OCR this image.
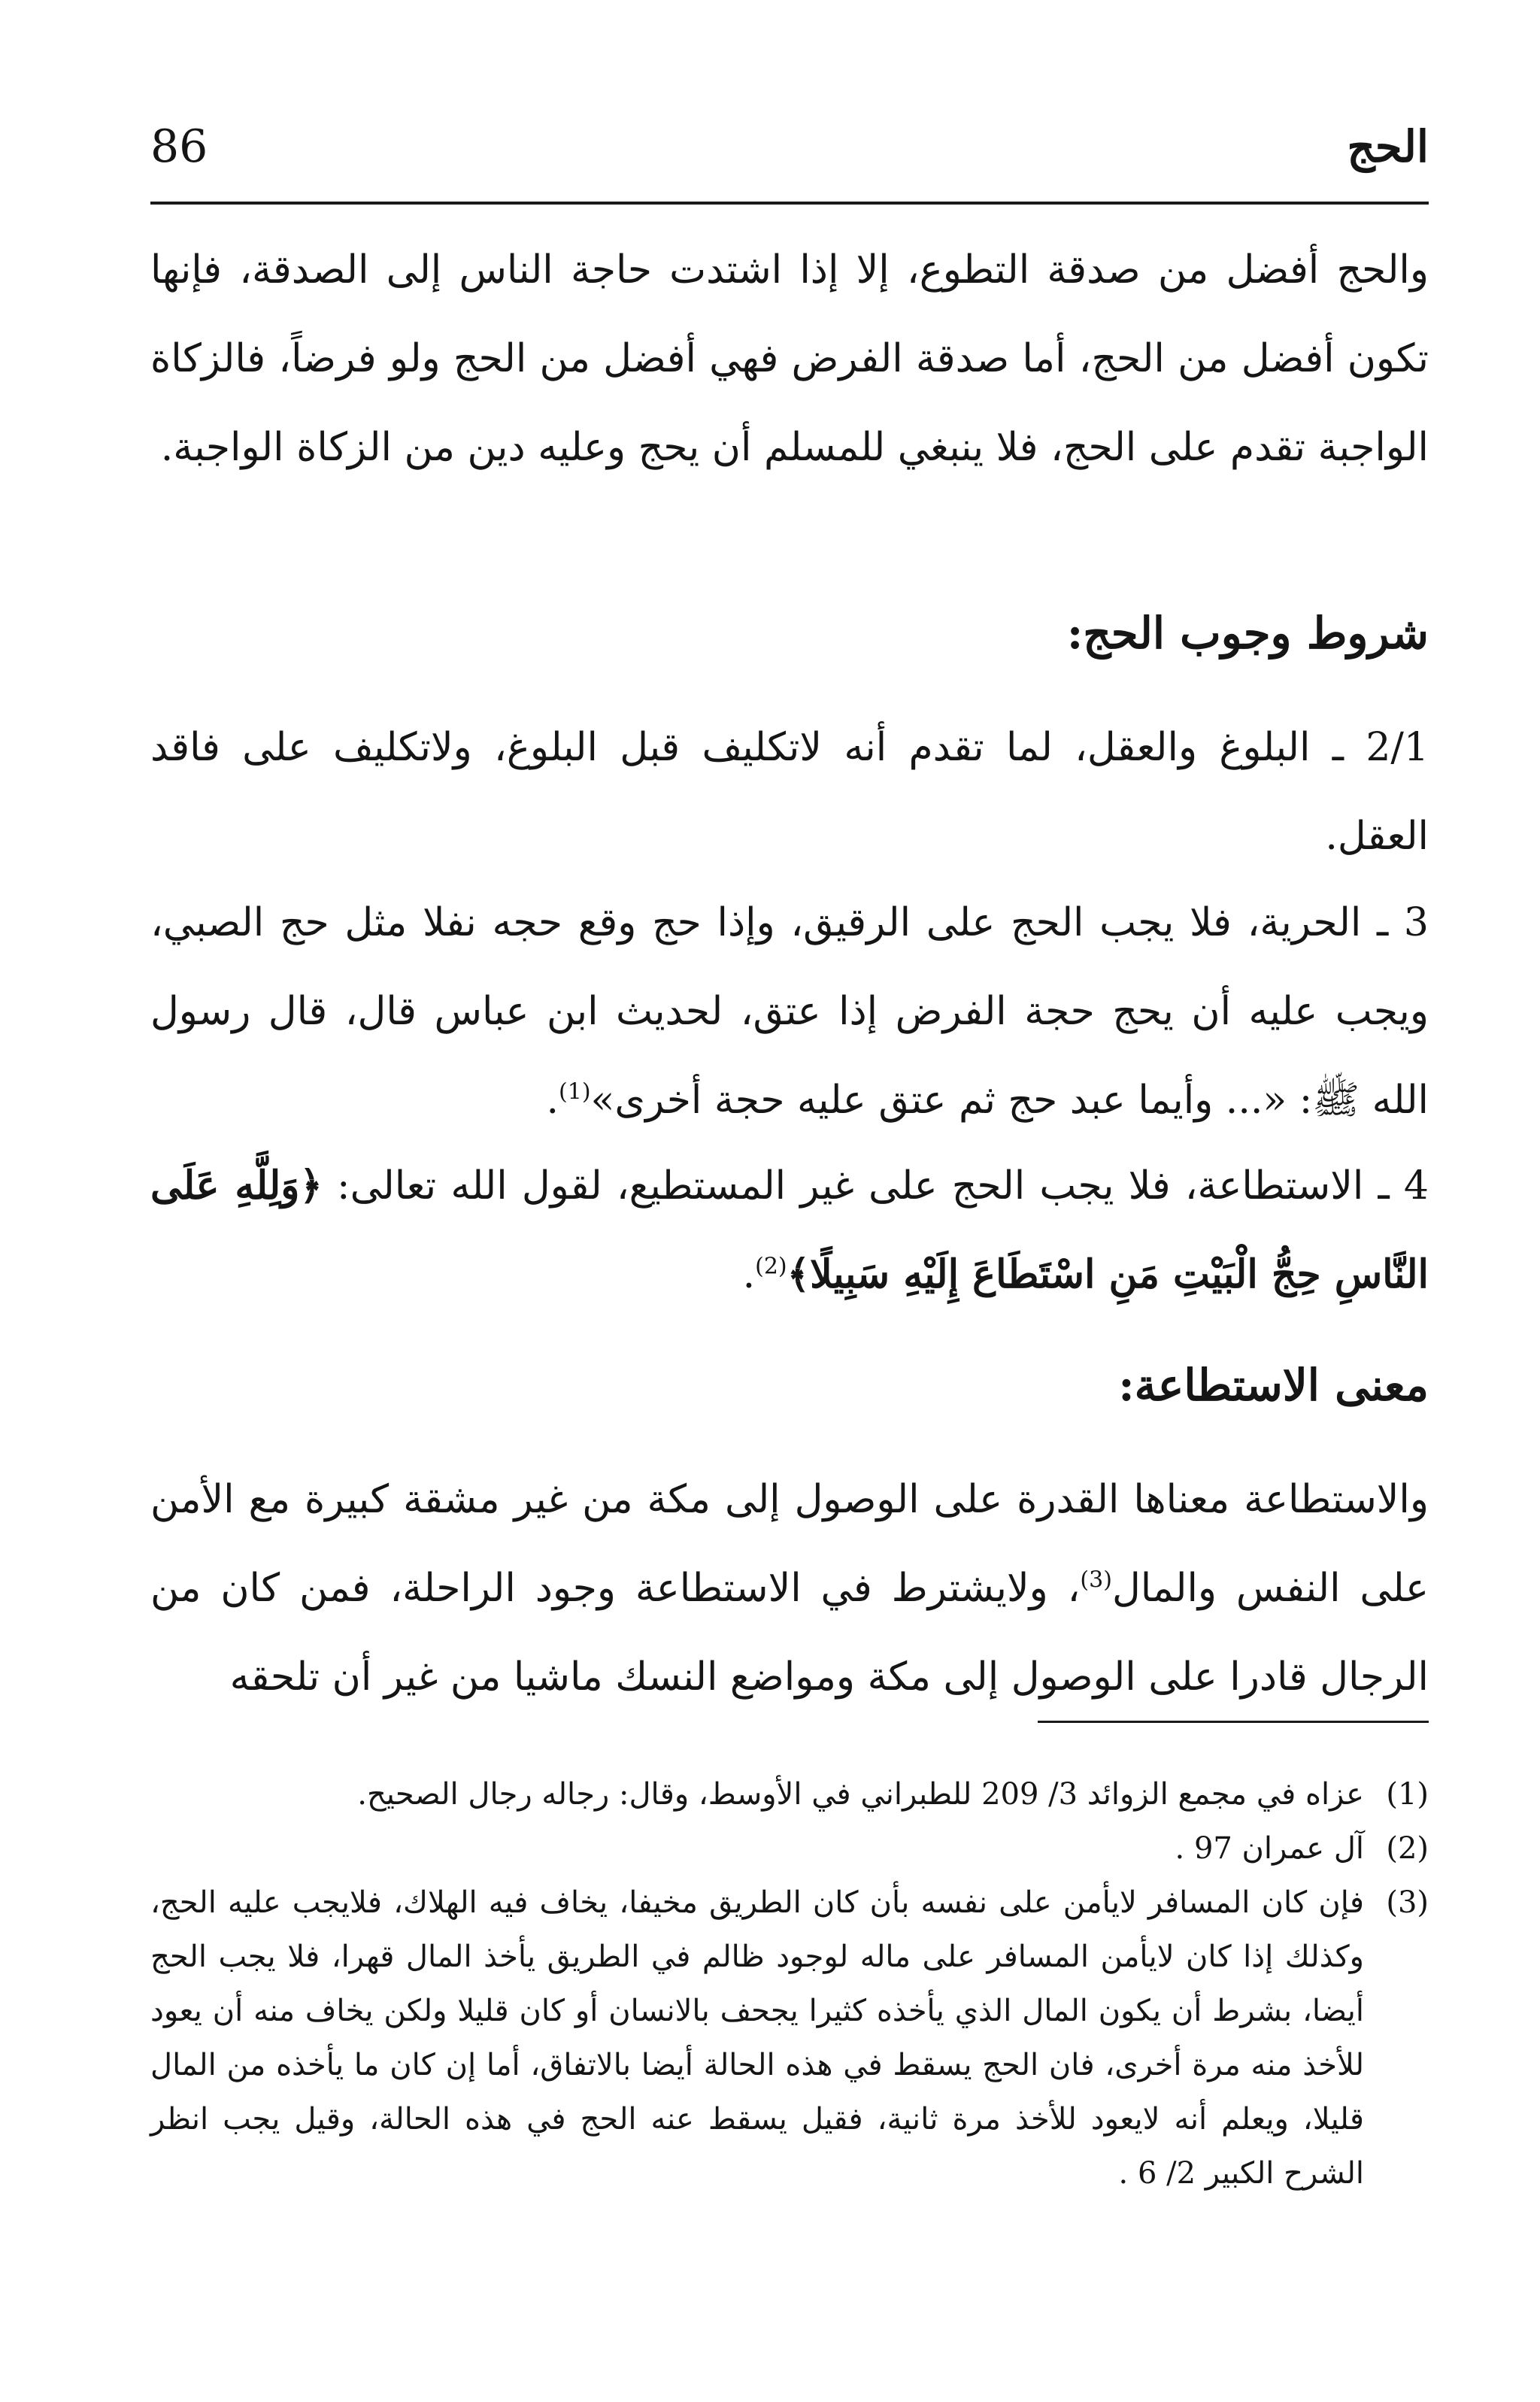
86	الحج

والحج أفضل من صدقة التطوع، إلا إذا اشتدت حاجة الناس إلى الصدقة، فإنها تكون أفضل من الحج، أما صدقة الفرض فهي أفضل من الحج ولو فرضاً، فالزكاة الواجبة تقدم على الحج، فلا ينبغي للمسلم أن يحج وعليه دين من الزكاة الواجبة.

شروط وجوب الحج:

2/1 ـ البلوغ والعقل، لما تقدم أنه لاتكليف قبل البلوغ، ولاتكليف على فاقد العقل.

3 ـ الحرية، فلا يجب الحج على الرقيق، وإذا حج وقع حجه نفلا مثل حج الصبي، ويجب عليه أن يحج حجة الفرض إذا عتق، لحديث ابن عباس قال، قال رسول الله ﷺ: «... وأيما عبد حج ثم عتق عليه حجة أخرى»$^{(1)}$.

4 ـ الاستطاعة، فلا يجب الحج على غير المستطيع، لقول الله تعالى: ﴿وَلِلَّهِ عَلَى النَّاسِ حِجُّ الْبَيْتِ مَنِ اسْتَطَاعَ إِلَيْهِ سَبِيلًا﴾$^{(2)}$.

معنى الاستطاعة:

والاستطاعة معناها القدرة على الوصول إلى مكة من غير مشقة كبيرة مع الأمن على النفس والمال$^{(3)}$، ولايشترط في الاستطاعة وجود الراحلة، فمن كان من الرجال قادرا على الوصول إلى مكة ومواضع النسك ماشيا من غير أن تلحقه

(1)
عزاه في مجمع الزوائد 3/ 209 للطبراني في الأوسط، وقال: رجاله رجال الصحيح.

(2)
آل عمران 97 .

(3)
فإن كان المسافر لايأمن على نفسه بأن كان الطريق مخيفا، يخاف فيه الهلاك، فلايجب عليه الحج، وكذلك إذا كان لايأمن المسافر على ماله لوجود ظالم في الطريق يأخذ المال قهرا، فلا يجب الحج أيضا، بشرط أن يكون المال الذي يأخذه كثيرا يجحف بالانسان أو كان قليلا ولكن يخاف منه أن يعود للأخذ منه مرة أخرى، فان الحج يسقط في هذه الحالة أيضا بالاتفاق، أما إن كان ما يأخذه من المال قليلا، ويعلم أنه لايعود للأخذ مرة ثانية، فقيل يسقط عنه الحج في هذه الحالة، وقيل يجب انظر الشرح الكبير 2/ 6 .
